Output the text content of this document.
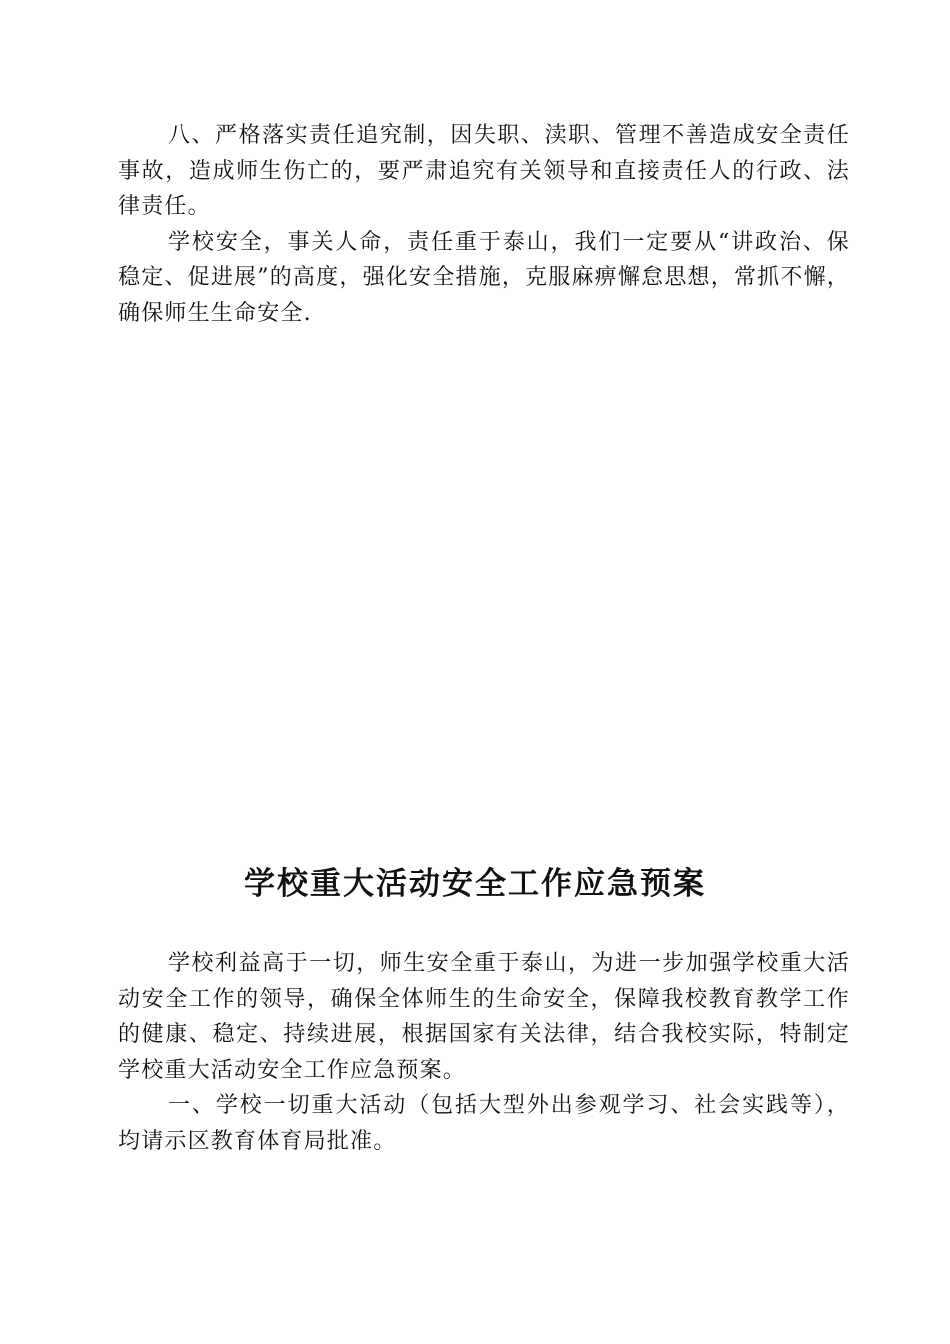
八、严格落实责任追究制，因失职、渎职、管理不善造成安全责任事故，造成师生伤亡的，要严肃追究有关领导和直接责任人的行政、法律责任。

学校安全，事关人命，责任重于泰山，我们一定要从“讲政治、保稳定、促进展”的高度，强化安全措施，克服麻痹懈怠思想，常抓不懈，确保师生生命安全.

学校重大活动安全工作应急预案

学校利益高于一切，师生安全重于泰山，为进一步加强学校重大活动安全工作的领导，确保全体师生的生命安全，保障我校教育教学工作的健康、稳定、持续进展，根据国家有关法律，结合我校实际，特制定学校重大活动安全工作应急预案。

一、学校一切重大活动（包括大型外出参观学习、社会实践等），均请示区教育体育局批准。
